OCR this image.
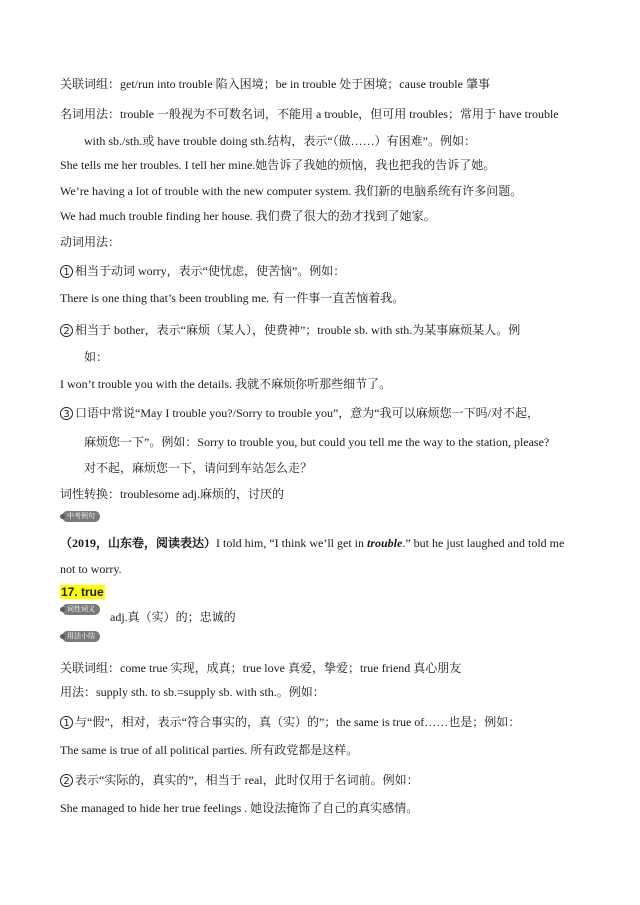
关联词组：get/run into trouble 陷入困境；be in trouble 处于困境；cause trouble 肇事
名词用法：trouble 一般视为不可数名词，不能用 a trouble，但可用 troubles；常用于 have trouble
with sb./sth.或 have trouble doing sth.结构，表示“（做……）有困难”。例如：
She tells me her troubles. I tell her mine.她告诉了我她的烦恼，我也把我的告诉了她。
We’re having a lot of trouble with the new computer system. 我们新的电脑系统有许多问题。
We had much trouble finding her house. 我们费了很大的劲才找到了她家。
动词用法：
1 相当于动词 worry，表示“使忧虑，使苦恼”。例如：
There is one thing that’s been troubling me. 有一件事一直苦恼着我。
2 相当于 bother，表示“麻烦（某人），使费神”；trouble sb. with sth.为某事麻烦某人。例
如：
I won’t trouble you with the details. 我就不麻烦你听那些细节了。
3 口语中常说“May I trouble you?/Sorry to trouble you”，意为“我可以麻烦您一下吗/对不起，
麻烦您一下”。例如：Sorry to trouble you, but could you tell me the way to the station, please?
对不起，麻烦您一下，请问到车站怎么走？
词性转换：troublesome adj.麻烦的，讨厌的
中考例句
（2019，山东卷，阅读表达）I told him, “I think we’ll get in trouble.” but he just laughed and told me
not to worry.
17. true
词性词义
adj.真（实）的；忠诚的
用法小结
关联词组：come true 实现，成真；true love 真爱，挚爱；true friend 真心朋友
用法：supply sth. to sb.=supply sb. with sth.。例如：
1 与“假”，相对，表示“符合事实的，真（实）的”；the same is true of……也是；例如：
The same is true of all political parties. 所有政党都是这样。
2 表示“实际的，真实的”，相当于 real，此时仅用于名词前。例如：
She managed to hide her true feelings . 她设法掩饰了自己的真实感情。
